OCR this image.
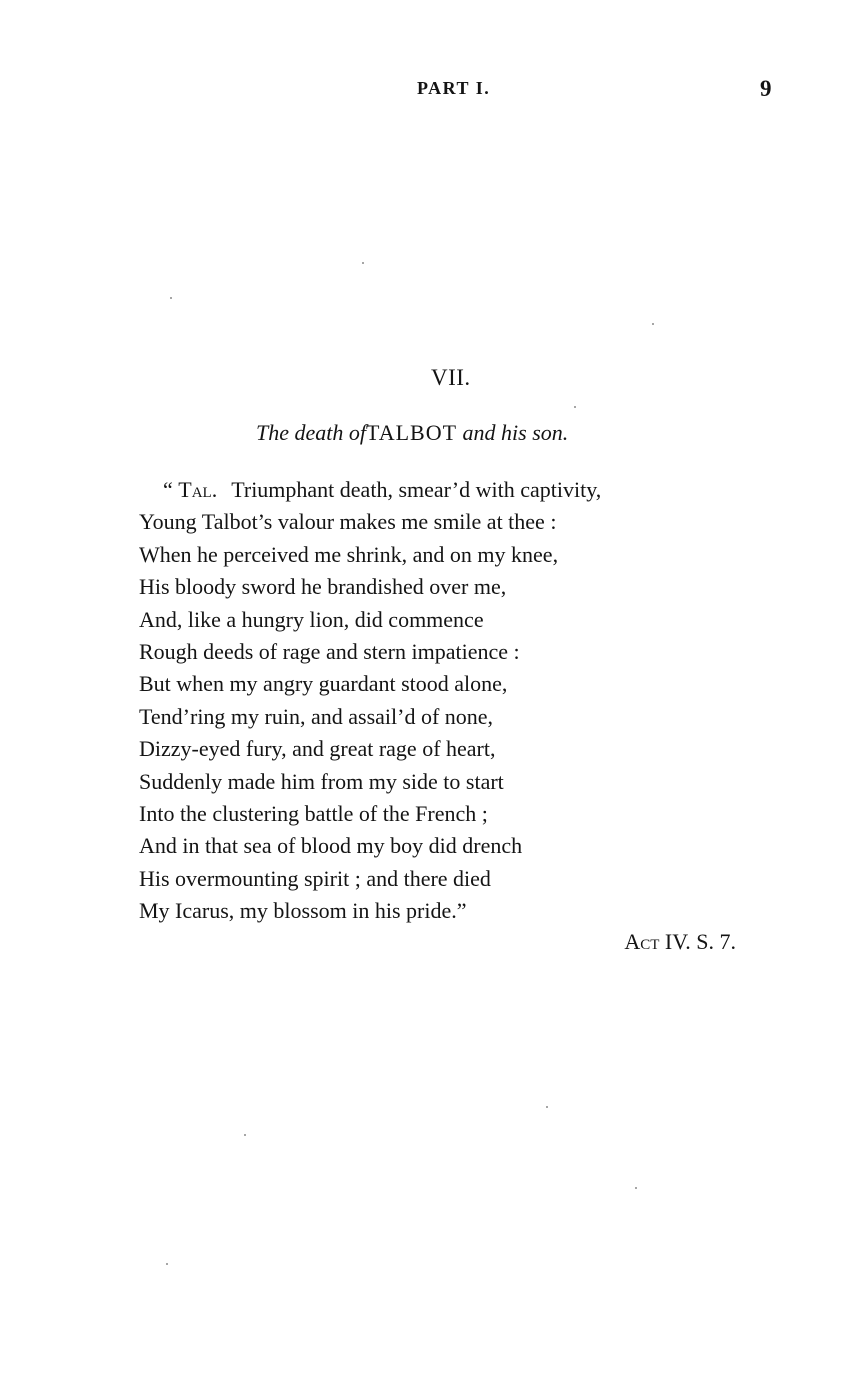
PART I.	9
VII.
The death ofTALBOT and his son.
“ Tal. Triumphant death, smear’d with captivity,
Young Talbot’s valour makes me smile at thee :
When he perceived me shrink, and on my knee,
His bloody sword he brandished over me,
And, like a hungry lion, did commence
Rough deeds of rage and stern impatience :
But when my angry guardant stood alone,
Tend’ring my ruin, and assail’d of none,
Dizzy-eyed fury, and great rage of heart,
Suddenly made him from my side to start
Into the clustering battle of the French ;
And in that sea of blood my boy did drench
His overmounting spirit ; and there died
My Icarus, my blossom in his pride.”
Act IV. S. 7.
